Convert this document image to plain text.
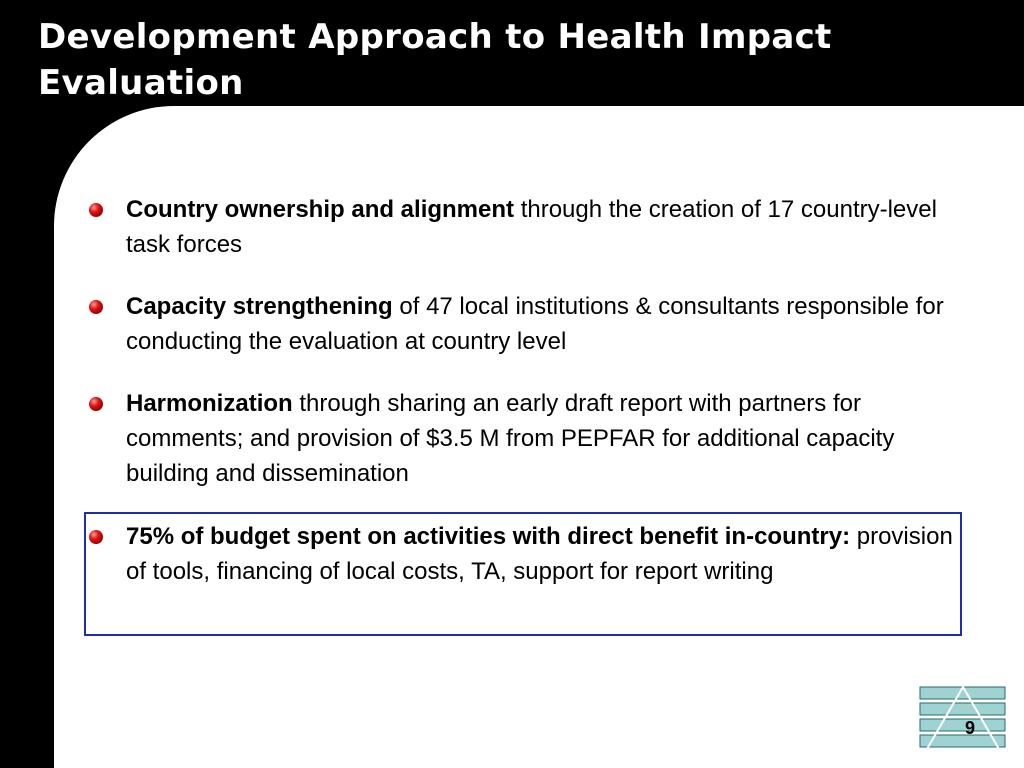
Development Approach to Health Impact Evaluation
Country ownership and alignment through the creation of 17 country-level task forces
Capacity strengthening of 47 local institutions & consultants responsible for conducting the evaluation at country level
Harmonization through sharing an early draft report with partners for comments; and provision of $3.5 M from PEPFAR for additional capacity building and dissemination
75% of budget spent on activities with direct benefit in-country: provision of tools, financing of local costs, TA, support for report writing
9
